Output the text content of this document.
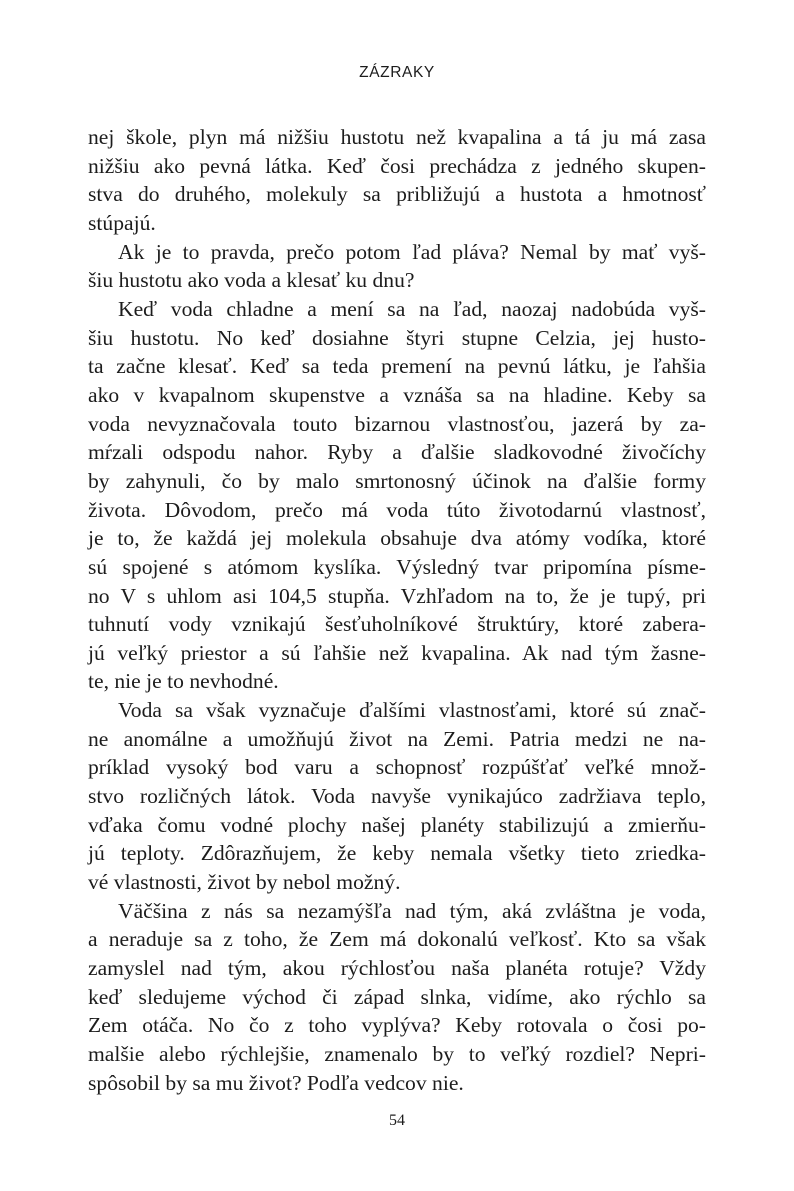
ZÁZRAKY
nej škole, plyn má nižšiu hustotu než kvapalina a tá ju má zasa
nižšiu ako pevná látka. Keď čosi prechádza z jedného skupen-
stva do druhého, molekuly sa približujú a hustota a hmotnosť
stúpajú.
Ak je to pravda, prečo potom ľad pláva? Nemal by mať vyš-
šiu hustotu ako voda a klesať ku dnu?
Keď voda chladne a mení sa na ľad, naozaj nadobúda vyš-
šiu hustotu. No keď dosiahne štyri stupne Celzia, jej husto-
ta začne klesať. Keď sa teda premení na pevnú látku, je ľahšia
ako v kvapalnom skupenstve a vznáša sa na hladine. Keby sa
voda nevyznačovala touto bizarnou vlastnosťou, jazerá by za-
mŕzali odspodu nahor. Ryby a ďalšie sladkovodné živočíchy
by zahynuli, čo by malo smrtonosný účinok na ďalšie formy
života. Dôvodom, prečo má voda túto životodarnú vlastnosť,
je to, že každá jej molekula obsahuje dva atómy vodíka, ktoré
sú spojené s atómom kyslíka. Výsledný tvar pripomína písme-
no V s uhlom asi 104,5 stupňa. Vzhľadom na to, že je tupý, pri
tuhnutí vody vznikajú šesťuholníkové štruktúry, ktoré zabera-
jú veľký priestor a sú ľahšie než kvapalina. Ak nad tým žasne-
te, nie je to nevhodné.
Voda sa však vyznačuje ďalšími vlastnosťami, ktoré sú znač-
ne anomálne a umožňujú život na Zemi. Patria medzi ne na-
príklad vysoký bod varu a schopnosť rozpúšťať veľké množ-
stvo rozličných látok. Voda navyše vynikajúco zadržiava teplo,
vďaka čomu vodné plochy našej planéty stabilizujú a zmierňu-
jú teploty. Zdôrazňujem, že keby nemala všetky tieto zriedka-
vé vlastnosti, život by nebol možný.
Väčšina z nás sa nezamýšľa nad tým, aká zvláštna je voda,
a neraduje sa z toho, že Zem má dokonalú veľkosť. Kto sa však
zamyslel nad tým, akou rýchlosťou naša planéta rotuje? Vždy
keď sledujeme východ či západ slnka, vidíme, ako rýchlo sa
Zem otáča. No čo z toho vyplýva? Keby rotovala o čosi po-
malšie alebo rýchlejšie, znamenalo by to veľký rozdiel? Nepri-
spôsobil by sa mu život? Podľa vedcov nie.
54
